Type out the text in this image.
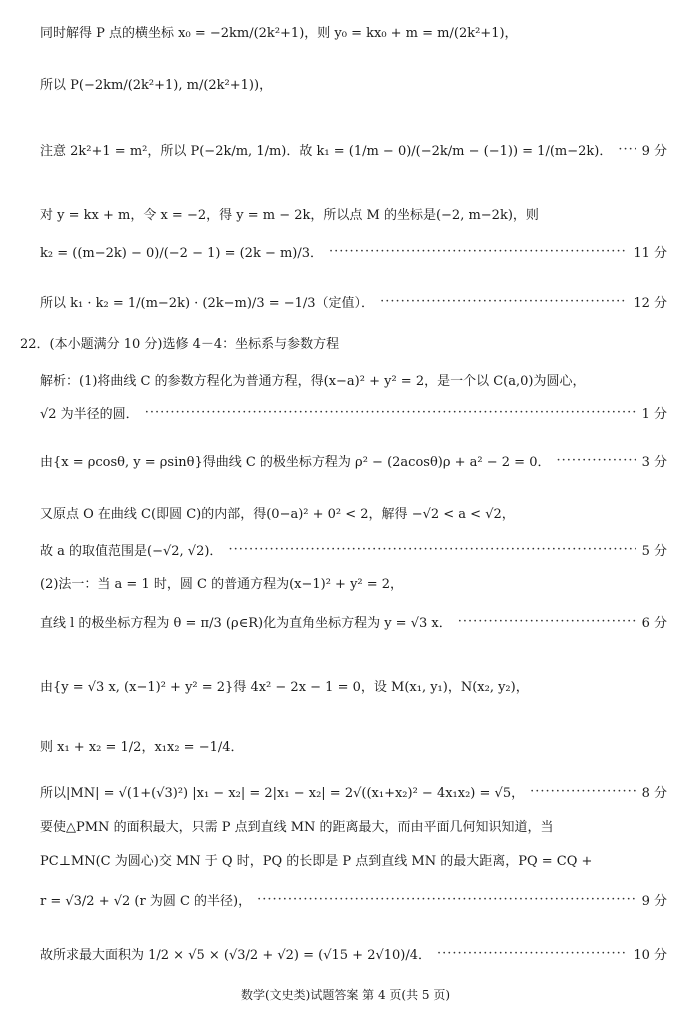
同时解得 P 点的横坐标 x₀ = −2km/(2k²+1)，则 y₀ = kx₀ + m = m/(2k²+1)，
所以 P(−2km/(2k²+1), m/(2k²+1))，
注意 2k²+1 = m²，所以 P(−2k/m, 1/m)．故 k₁ = (1/m − 0)/(−2k/m − (−1)) = 1/(m−2k)． ····· 9 分
对 y = kx + m，令 x = −2，得 y = m − 2k，所以点 M 的坐标是(−2, m−2k)，则
k₂ = ((m−2k) − 0)/(−2 − 1) = (2k − m)/3． ·····	11 分
所以 k₁ · k₂ = 1/(m−2k) · (2k−m)/3 = −1/3（定值）． ·····	12 分
22．(本小题满分 10 分)选修 4－4：坐标系与参数方程
解析：(1)将曲线 C 的参数方程化为普通方程，得(x−a)² + y² = 2，是一个以 C(a,0)为圆心，
√2 为半径的圆． ·····	1 分
由{x = ρcosθ, y = ρsinθ}得曲线 C 的极坐标方程为 ρ² − (2acosθ)ρ + a² − 2 = 0． ·····	3 分
又原点 O 在曲线 C(即圆 C)的内部，得(0−a)² + 0² < 2，解得 −√2 < a < √2，
故 a 的取值范围是(−√2, √2)． ·····	5 分
(2)法一：当 a = 1 时，圆 C 的普通方程为(x−1)² + y² = 2，
直线 l 的极坐标方程为 θ = π/3 (ρ∈R)化为直角坐标方程为 y = √3 x． ·····	6 分
由{y = √3 x, (x−1)² + y² = 2}得 4x² − 2x − 1 = 0，设 M(x₁, y₁)，N(x₂, y₂)，
则 x₁ + x₂ = 1/2，x₁x₂ = −1/4．
所以|MN| = √(1+(√3)²) |x₁ − x₂| = 2|x₁ − x₂| = 2√((x₁+x₂)² − 4x₁x₂) = √5， ·····	8 分
要使△PMN 的面积最大，只需 P 点到直线 MN 的距离最大，而由平面几何知识知道，当
PC⊥MN(C 为圆心)交 MN 于 Q 时，PQ 的长即是 P 点到直线 MN 的最大距离，PQ = CQ +
r = √3/2 + √2 (r 为圆 C 的半径)， ·····	9 分
故所求最大面积为 1/2 × √5 × (√3/2 + √2) = (√15 + 2√10)/4． ·····	10 分
数学(文史类)试题答案 第 4 页(共 5 页)
